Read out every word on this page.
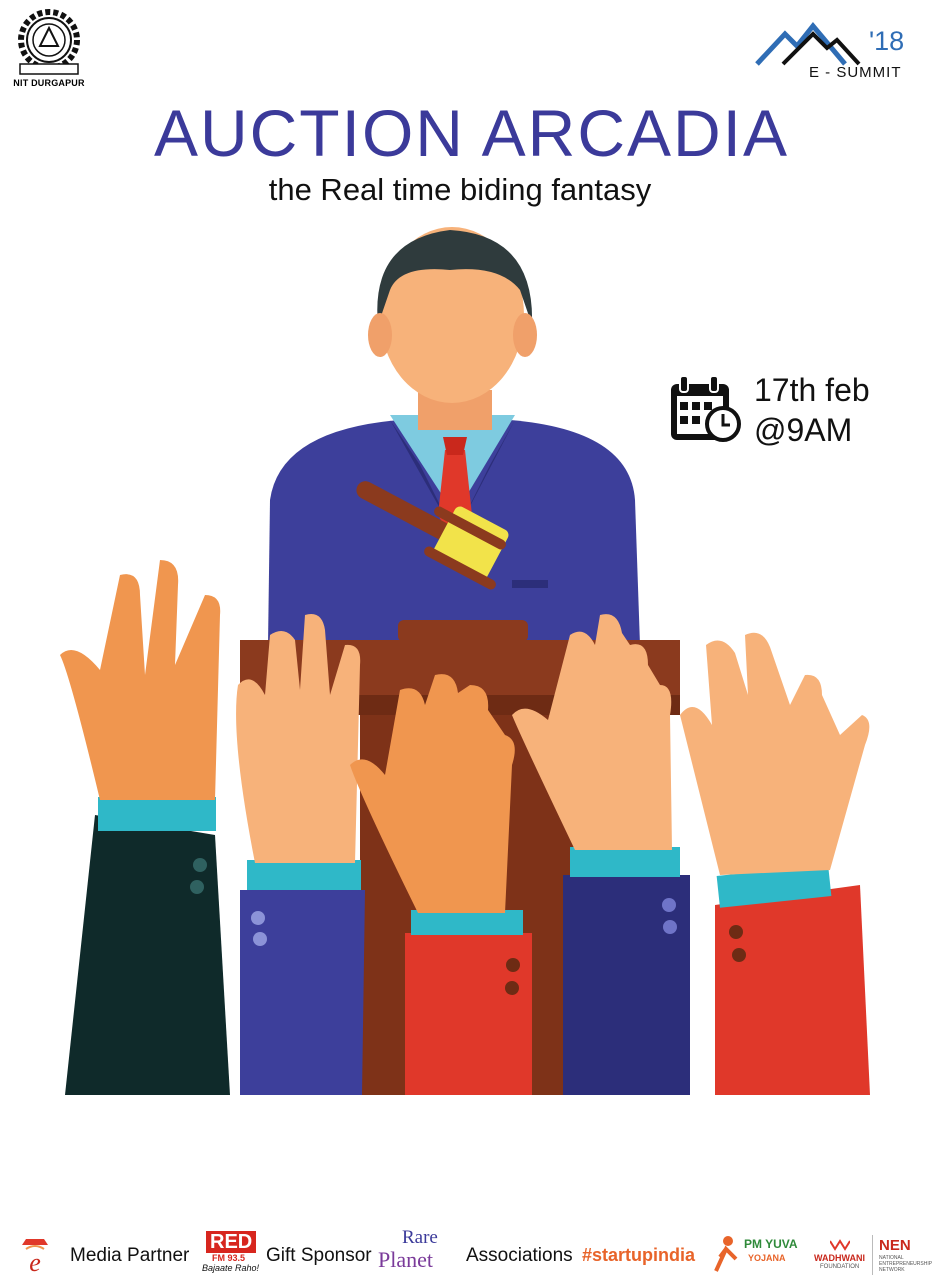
NIT DURGAPUR
'18
E - SUMMIT
AUCTION ARCADIA
the Real time biding fantasy
17th feb
@9AM
e Media Partner
RED
FM 93.5
Bajaate Raho!
Gift Sponsor
Rare
Planet Associations #startupindia
PM YUVA
YOJANA	WADHWANI
FOUNDATION
NEN
NATIONAL ENTREPRENEURSHIP NETWORK
